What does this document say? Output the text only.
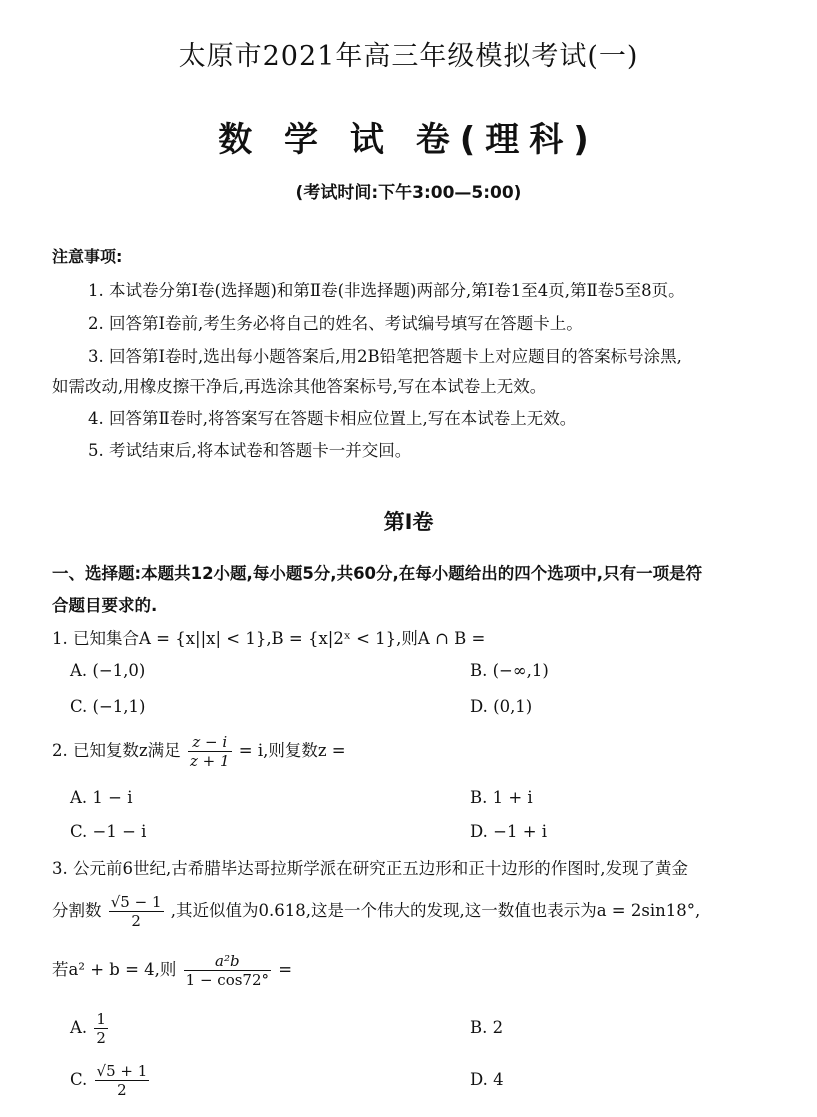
太原市2021年高三年级模拟考试(一)
数 学 试 卷(理科)
(考试时间:下午3:00—5:00)
注意事项:
1. 本试卷分第Ⅰ卷(选择题)和第Ⅱ卷(非选择题)两部分,第Ⅰ卷1至4页,第Ⅱ卷5至8页。
2. 回答第Ⅰ卷前,考生务必将自己的姓名、考试编号填写在答题卡上。
3. 回答第Ⅰ卷时,选出每小题答案后,用2B铅笔把答题卡上对应题目的答案标号涂黑,
如需改动,用橡皮擦干净后,再选涂其他答案标号,写在本试卷上无效。
4. 回答第Ⅱ卷时,将答案写在答题卡相应位置上,写在本试卷上无效。
5. 考试结束后,将本试卷和答题卡一并交回。
第Ⅰ卷
一、选择题:本题共12小题,每小题5分,共60分,在每小题给出的四个选项中,只有一项是符
合题目要求的.
1. 已知集合A = {x||x| < 1},B = {x|2ˣ < 1},则A ∩ B =
A. (−1,0)	B. (−∞,1)
C. (−1,1)	D. (0,1)
2. 已知复数z满足 $\frac{z - i}{z + 1} = i$,则复数z =
A. 1 − i	B. 1 + i
C. −1 − i	D. −1 + i
3. 公元前6世纪,古希腊毕达哥拉斯学派在研究正五边形和正十边形的作图时,发现了黄金
分割数 $\frac{√5 - 1}{2}$ ,其近似值为0.618,这是一个伟大的发现,这一数值也表示为a = 2sin18°,
若a² + b = 4,则 $\frac{\text{a²b}}{1 - \cos 72^\circ}$ =
A. $\frac{1}{2}$	B. 2
C. $\frac{√5 + 1}{2}$	D. 4
